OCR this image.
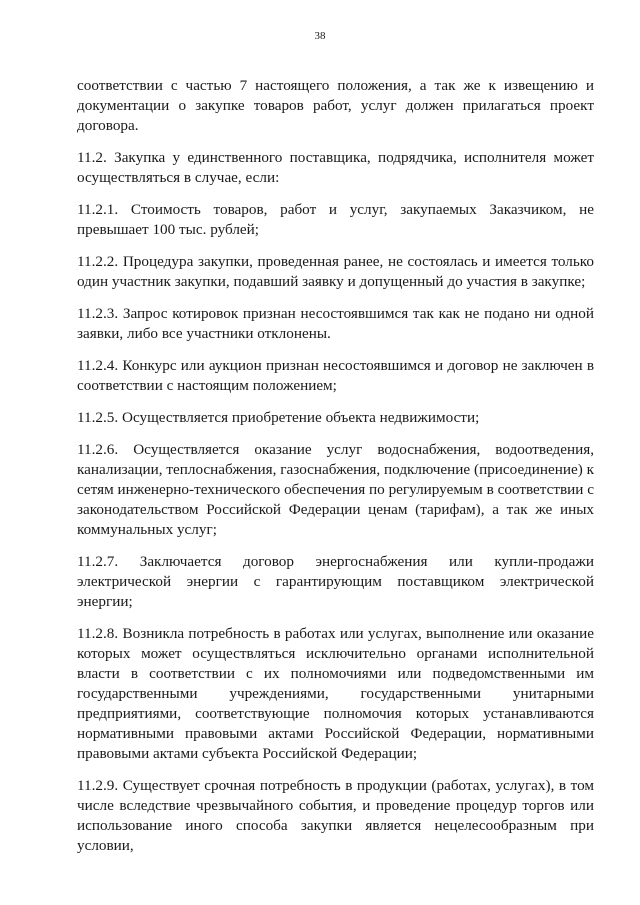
38

соответствии с частью 7 настоящего положения, а так же к извещению и документации о закупке товаров работ, услуг должен прилагаться проект договора.

11.2. Закупка у единственного поставщика, подрядчика, исполнителя может осуществляться в случае, если:

11.2.1. Стоимость товаров, работ и услуг, закупаемых Заказчиком, не превышает 100 тыс. рублей;

11.2.2. Процедура закупки, проведенная ранее, не состоялась и имеется только один участник закупки, подавший заявку и допущенный до участия в закупке;

11.2.3. Запрос котировок признан несостоявшимся так как не подано ни одной заявки, либо все участники отклонены.

11.2.4. Конкурс или аукцион признан несостоявшимся и договор не заключен в соответствии с настоящим положением;

11.2.5. Осуществляется приобретение объекта недвижимости;

11.2.6. Осуществляется оказание услуг водоснабжения, водоотведения, канализации, теплоснабжения, газоснабжения, подключение (присоединение) к сетям инженерно-технического обеспечения по регулируемым в соответствии с законодательством Российской Федерации ценам (тарифам), а так же иных коммунальных услуг;

11.2.7. Заключается договор энергоснабжения или купли-продажи электрической энергии с гарантирующим поставщиком электрической энергии;

11.2.8. Возникла потребность в работах или услугах, выполнение или оказание которых может осуществляться исключительно органами исполнительной власти в соответствии с их полномочиями или подведомственными им государственными учреждениями, государственными унитарными предприятиями, соответствующие полномочия которых устанавливаются нормативными правовыми актами Российской Федерации, нормативными правовыми актами субъекта Российской Федерации;

11.2.9. Существует срочная потребность в продукции (работах, услугах), в том числе вследствие чрезвычайного события, и проведение процедур торгов или использование иного способа закупки является нецелесообразным при условии,
